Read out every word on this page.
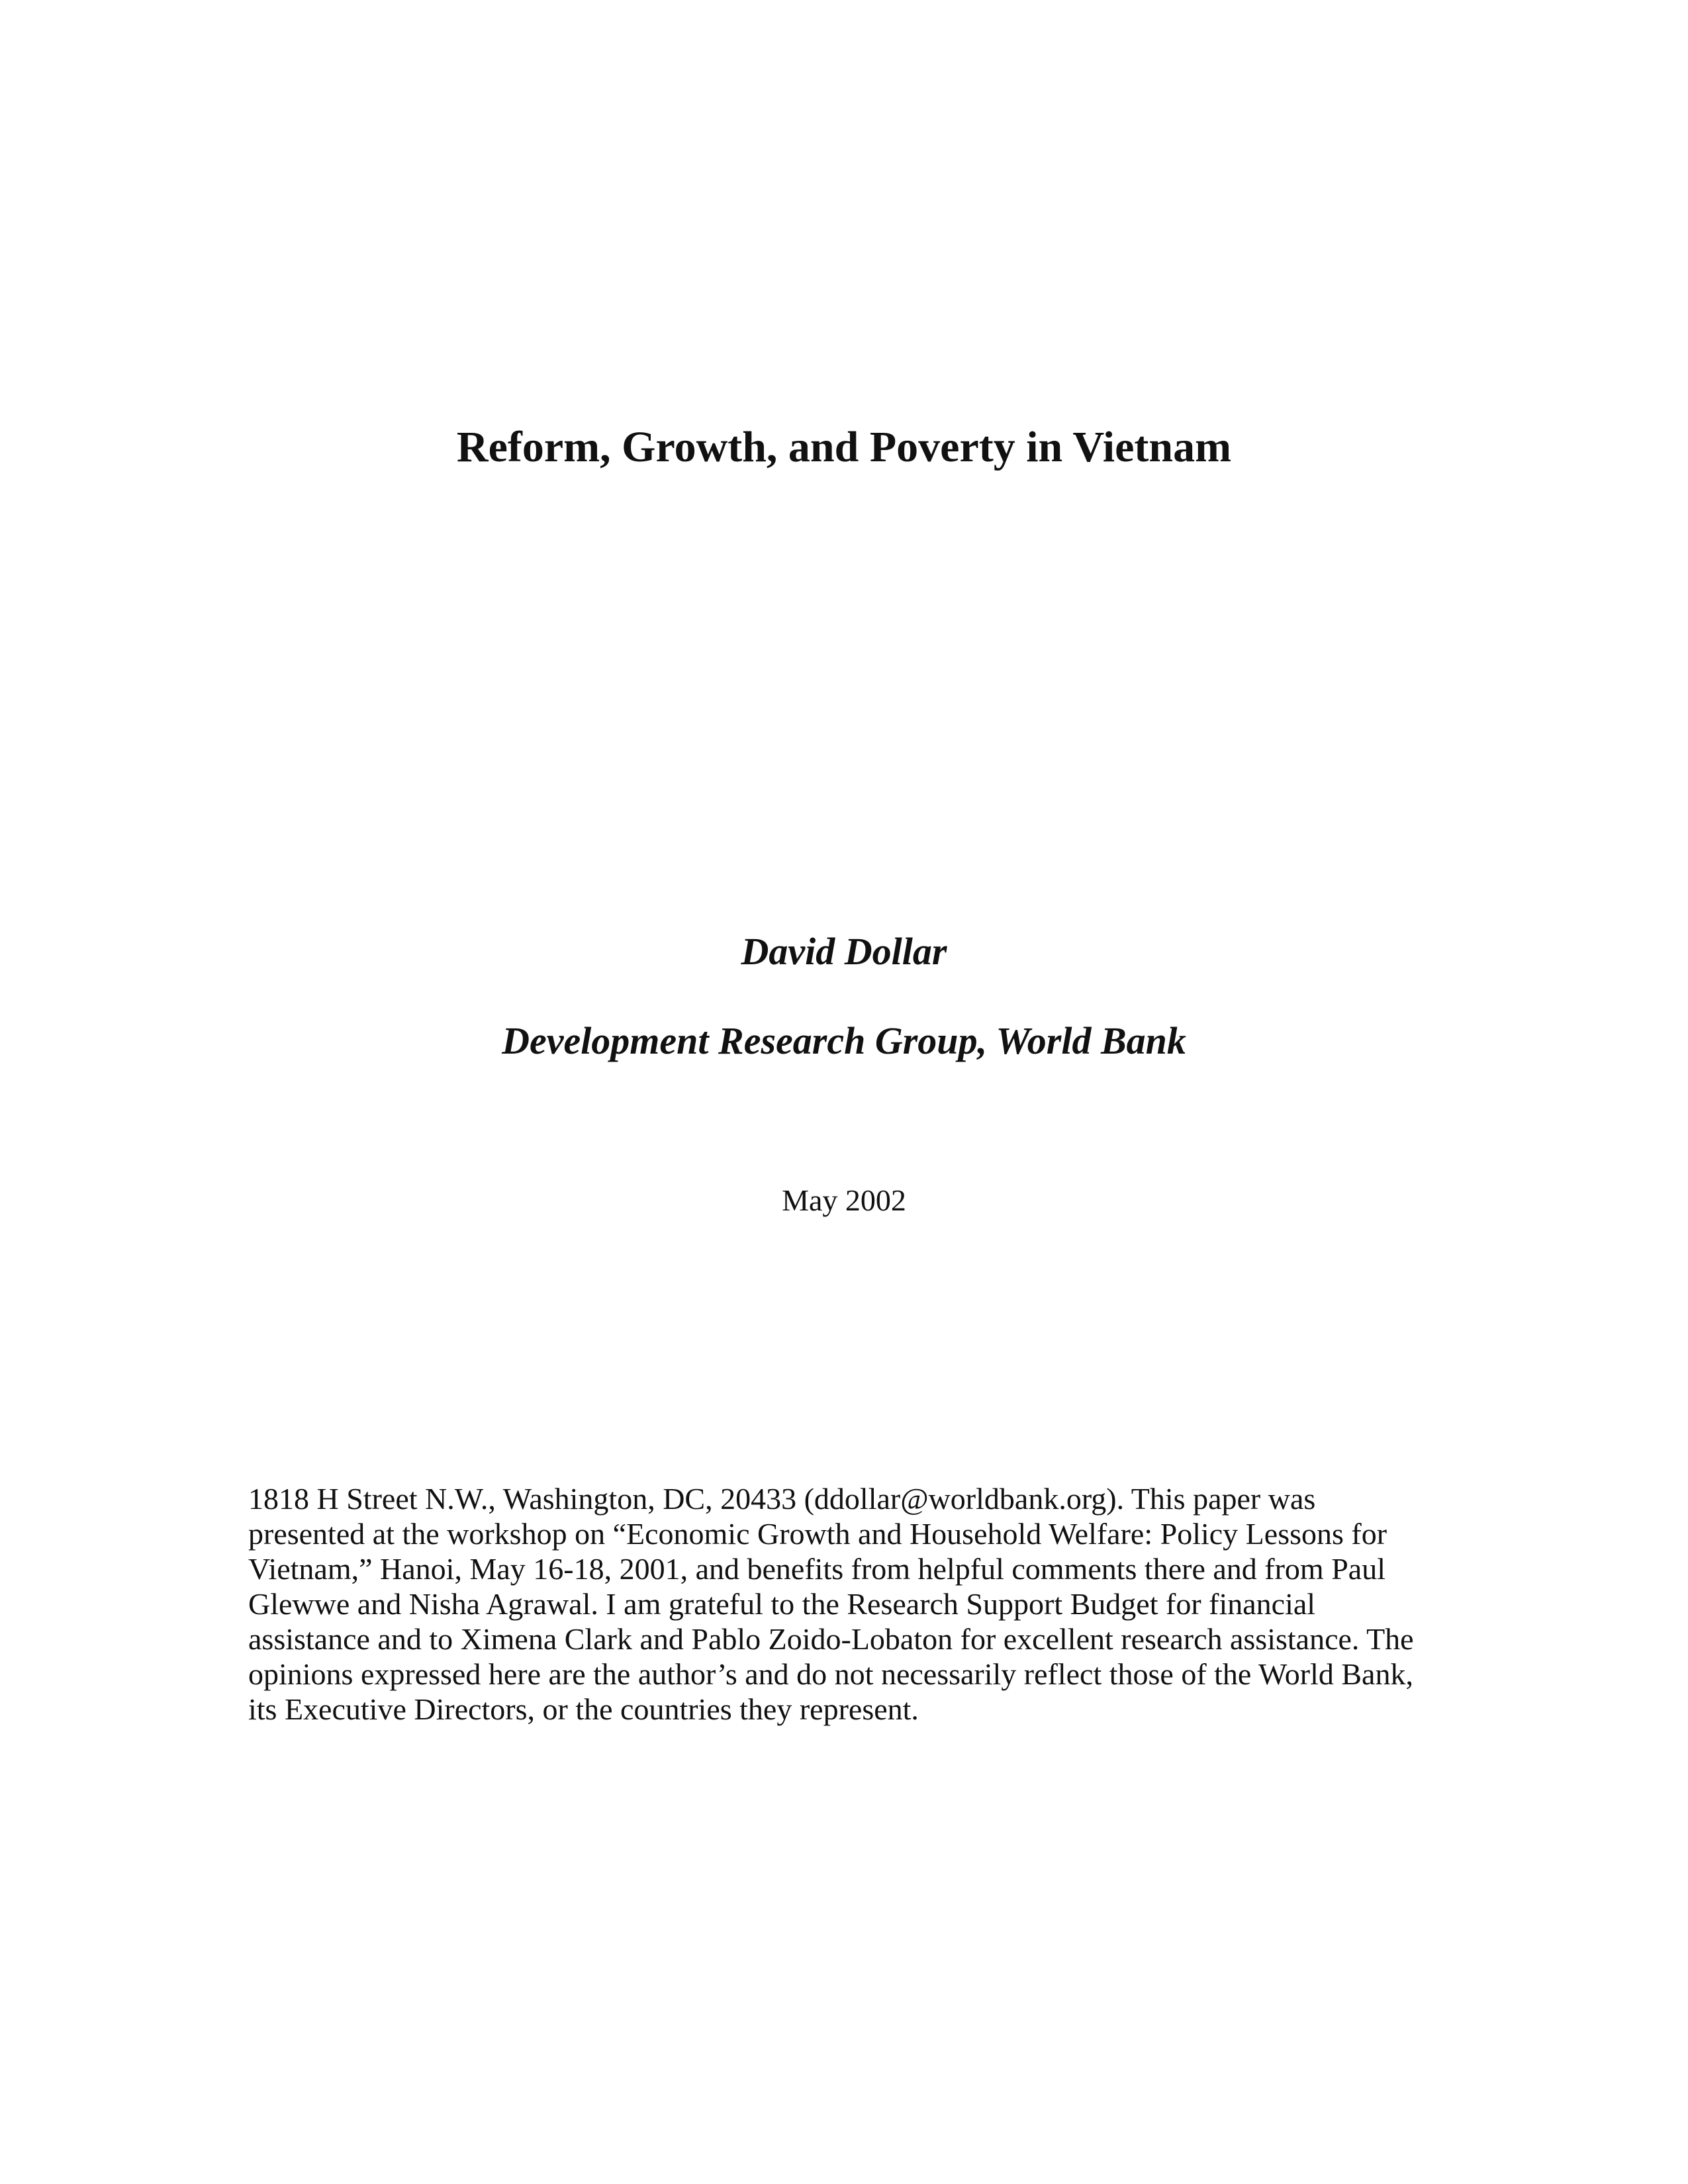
Reform, Growth, and Poverty in Vietnam
David Dollar
Development Research Group, World Bank

May 2002

1818 H Street N.W., Washington, DC, 20433 (ddollar@worldbank.org). This paper was
presented at the workshop on “Economic Growth and Household Welfare: Policy Lessons for
Vietnam,” Hanoi, May 16-18, 2001, and benefits from helpful comments there and from Paul
Glewwe and Nisha Agrawal. I am grateful to the Research Support Budget for financial
assistance and to Ximena Clark and Pablo Zoido-Lobaton for excellent research assistance. The
opinions expressed here are the author’s and do not necessarily reflect those of the World Bank,
its Executive Directors, or the countries they represent.
